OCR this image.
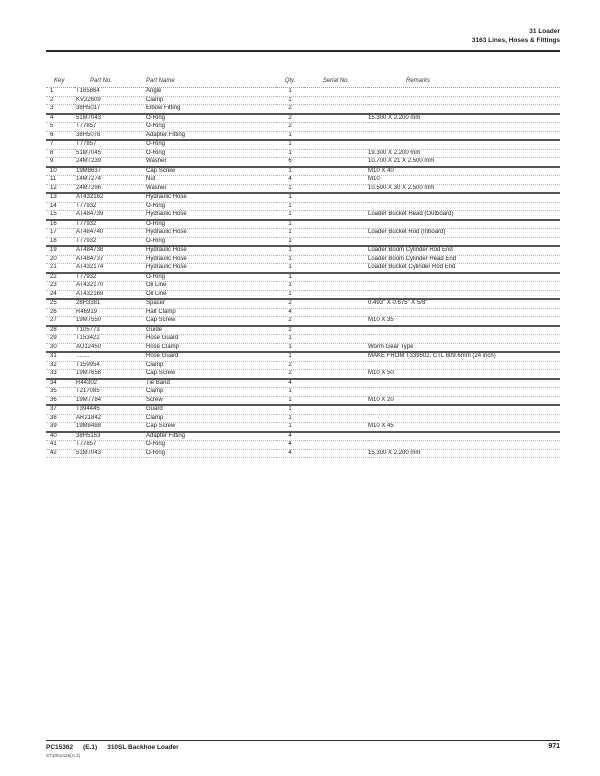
31 Loader
3163 Lines, Hoses & Fittings
Key	Part No.	Part Name	Qty.	Serial No.	Remarks
1	T165864	Angle	1		
2	KV22609	Clamp	1		
3	38H5017	Elbow Fitting	2		
4	51M7043	O-Ring	2		15.300 X 2.200 mm
5	T77857	O-Ring	2		
6	38H5076	Adapter Fitting	1		
7	T77857	O-Ring	1		
8	51M7045	O-Ring	1		19.300 X 2.200 mm
9	24M7239	Washer	6		10.700 X 21 X 2.500 mm
10	19M8637	Cap Screw	1		M10 X 40
11	14M7274	Nut	4		M10
12	24M7296	Washer	1		10.500 X 30 X 2.500 mm
13	AT432162	Hydraulic Hose	1		
14	T77932	O-Ring	1		
15	AT484739	Hydraulic Hose	1		Loader Bucket Head (Outboard)
16	T77932	O-Ring	1		
17	AT484740	Hydraulic Hose	1		Loader Bucket Rod (Inboard)
18	T77932	O-Ring	1		
19	AT484738	Hydraulic Hose	1		Loader Boom Cylinder Rod End
20	AT484737	Hydraulic Hose	1		Loader Boom Cylinder Head End
21	AT432174	Hydraulic Hose	1		Loader Bucket Cylinder Rod End
22	T77932	O-Ring	1		
23	AT432170	Oil Line	1		
24	AT432169	Oil Line	1		
25	28H3381	Spacer	2		0.493" X 0.675" X 5/8"
26	R46919	Half Clamp	4		
27	19M7550	Cap Screw	2		M10 X 35
28	T105773	Guide	2		
29	T153422	Hose Guard	1		
30	AU12450	Hose Clamp	1		Worm Gear Type
31	........	Hose Guard	1		MAKE FROM T339502, CTL 609.6mm (24 inch)
32	T159954	Clamp	2		
33	19M7658	Cap Screw	2		M10 X 50
34	R44302	Tie Band	4		
35	T217085	Clamp	1		
36	19M7784	Screw	1		M10 X 20
37	T394445	Guard	1		
38	AR21842	Clamp	1		
39	19M8488	Cap Screw	1		M10 X 45
40	38H5153	Adapter Fitting	4		
41	T77857	O-Ring	4		
42	51M7043	O-Ring	4		15.300 X 2.200 mm
PC15362 (E.1) 310SL Backhoe Loader
ST1001426(A.2)
971
